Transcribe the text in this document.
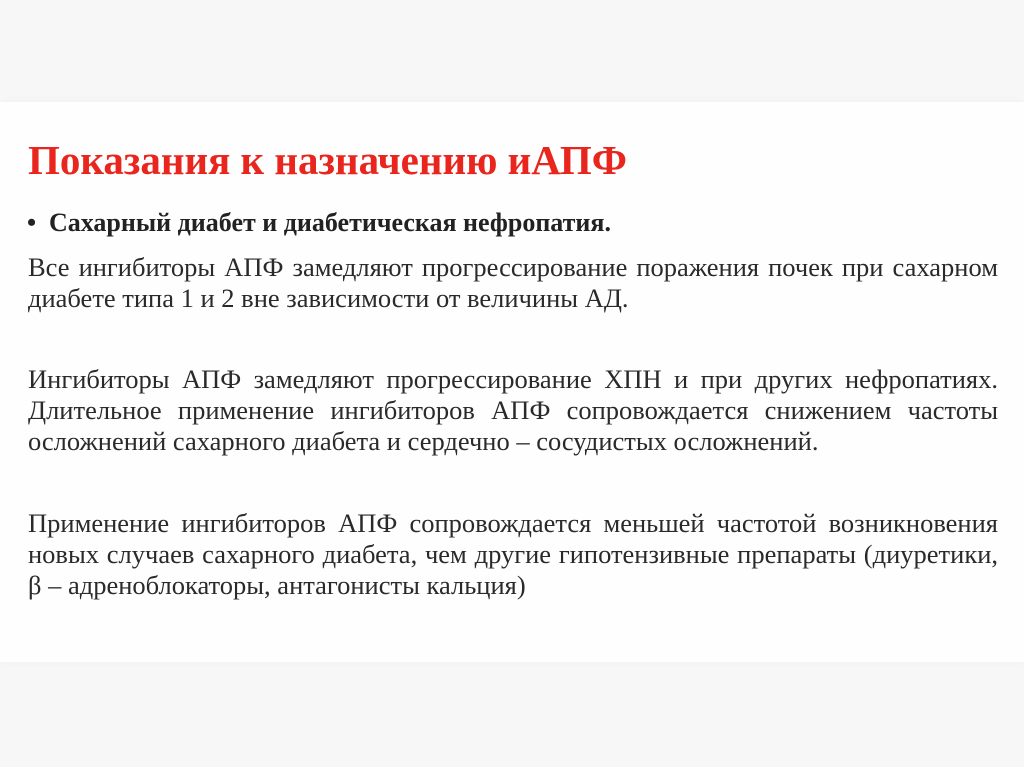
Показания к назначению иАПФ
• Сахарный диабет и диабетическая нефропатия.

Все ингибиторы АПФ замедляют прогрессирование поражения почек при сахарном диабете типа 1 и 2 вне зависимости от величины АД.

Ингибиторы АПФ замедляют прогрессирование ХПН и при других нефропатиях. Длительное применение ингибиторов АПФ сопровождается снижением частоты осложнений сахарного диабета и сердечно – сосудистых осложнений.

Применение ингибиторов АПФ сопровождается меньшей частотой возникновения новых случаев сахарного диабета, чем другие гипотензивные препараты (диуретики, β – адреноблокаторы, антагонисты кальция)
